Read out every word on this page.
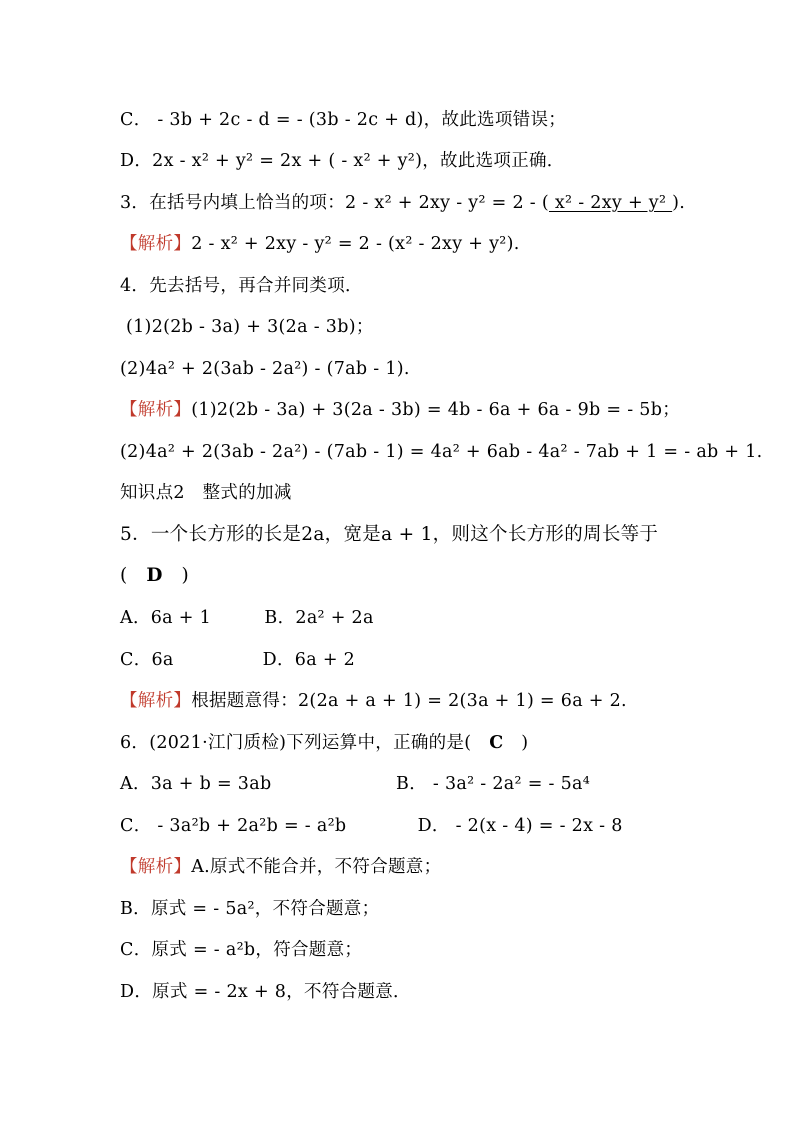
C． - 3b + 2c - d = - (3b - 2c + d)，故此选项错误；
D．2x - x² + y² = 2x + ( - x² + y²)，故此选项正确．
3．在括号内填上恰当的项：2 - x² + 2xy - y² = 2 - ( x² - 2xy + y² ).
【解析】2 - x² + 2xy - y² = 2 - (x² - 2xy + y²).
4．先去括号，再合并同类项．
(1)2(2b - 3a) + 3(2a - 3b)；
(2)4a² + 2(3ab - 2a²) - (7ab - 1).
【解析】(1)2(2b - 3a) + 3(2a - 3b) = 4b - 6a + 6a - 9b = - 5b；
(2)4a² + 2(3ab - 2a²) - (7ab - 1) = 4a² + 6ab - 4a² - 7ab + 1 = - ab + 1.
知识点2　整式的加减
5．一个长方形的长是2a，宽是a + 1，则这个长方形的周长等于
(　D　)
A．6a + 1　　　B．2a² + 2a
C．6a　　　　　D．6a + 2
【解析】根据题意得：2(2a + a + 1) = 2(3a + 1) = 6a + 2.
6．(2021·江门质检)下列运算中，正确的是(　C　)
A．3a + b = 3ab　　　　　　　B． - 3a² - 2a² = - 5a⁴
C． - 3a²b + 2a²b = - a²b　　　　D． - 2(x - 4) = - 2x - 8
【解析】A.原式不能合并，不符合题意；
B．原式 = - 5a²，不符合题意；
C．原式 = - a²b，符合题意；
D．原式 = - 2x + 8，不符合题意．
